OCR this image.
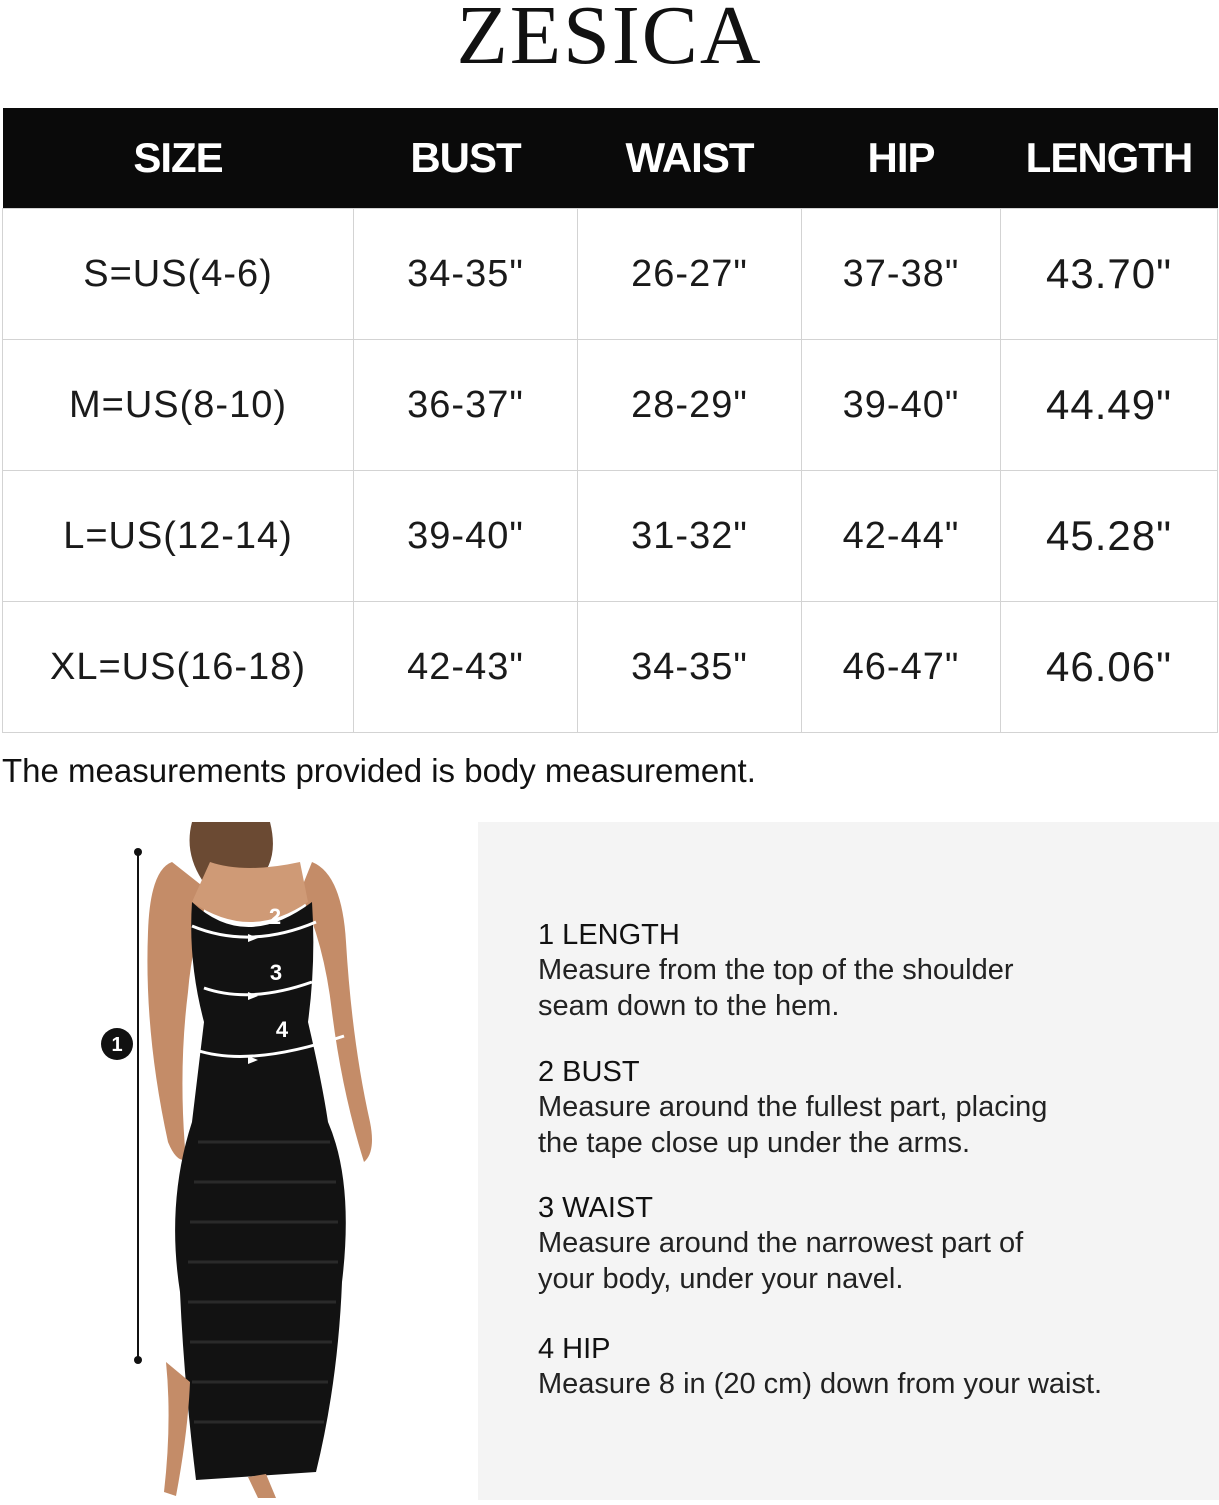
ZESICA
SIZE	BUST	WAIST	HIP	LENGTH
S=US(4-6)	34-35"	26-27"	37-38"	43.70"
M=US(8-10)	36-37"	28-29"	39-40"	44.49"
L=US(12-14)	39-40"	31-32"	42-44"	45.28"
XL=US(16-18)	42-43"	34-35"	46-47"	46.06"
The measurements provided is body measurement.
1
2
3
4
1 LENGTH
Measure from the top of the shoulder
seam down to the hem.
2 BUST
Measure around the fullest part, placing
the tape close up under the arms.
3 WAIST
Measure around the narrowest part of
your body, under your navel.
4 HIP
Measure 8 in (20 cm) down from your waist.
